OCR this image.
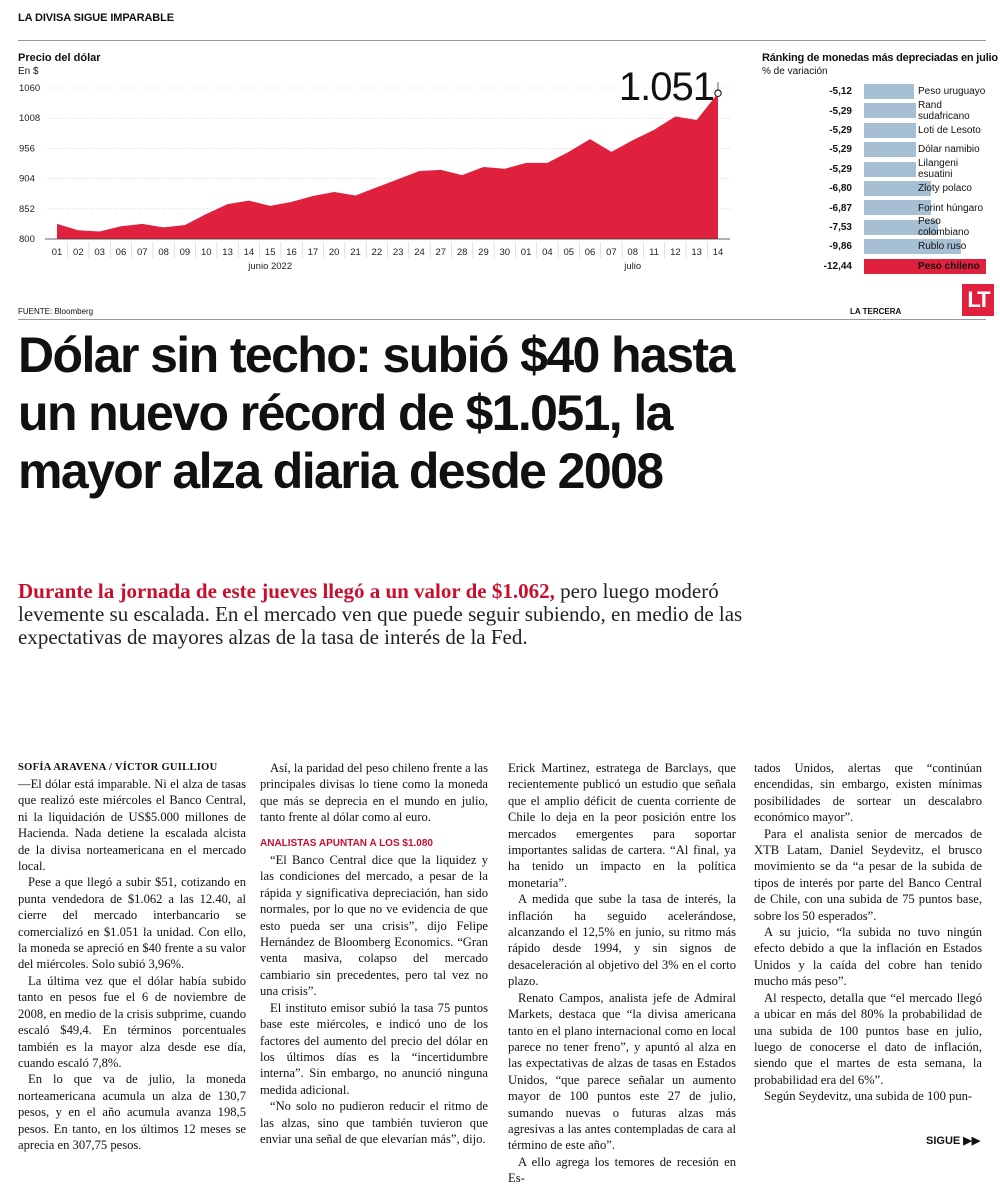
LA DIVISA SIGUE IMPARABLE
Precio del dólar
En $
1060
1008
956
904
852
800
01 02 03 06 07 08 09 10 13 14 15 16 17 20 21 22 23 24 27 28 29 30 01 04 05 06 07 08 11 12 13 14
junio 2022	julio
1.051
Ránking de monedas más depreciadas en julio
% de variación
-5,12	Peso uruguayo
-5,29	Rand sudafricano
-5,29	Loti de Lesoto
-5,29	Dólar namibio
-5,29	Lilangeni esuatini
-6,80	Zloty polaco
-6,87	Forint húngaro
-7,53	Peso colombiano
-9,86	Rublo ruso
-12,44	Peso chileno
FUENTE: Bloomberg	LA TERCERA	LT
Dólar sin techo: subió $40 hasta un nuevo récord de $1.051, la mayor alza diaria desde 2008
Durante la jornada de este jueves llegó a un valor de $1.062, pero luego moderó levemente su escalada. En el mercado ven que puede seguir subiendo, en medio de las expectativas de mayores alzas de la tasa de interés de la Fed.
SOFÍA ARAVENA / VÍCTOR GUILLIOU

—El dólar está imparable. Ni el alza de tasas que realizó este miércoles el Banco Central, ni la liquidación de US$5.000 millones de Hacienda. Nada detiene la escalada alcista de la divisa norteamericana en el mercado local.

Pese a que llegó a subir $51, cotizando en punta vendedora de $1.062 a las 12.40, al cierre del mercado interbancario se comercializó en $1.051 la unidad. Con ello, la moneda se apreció en $40 frente a su valor del miércoles. Solo subió 3,96%.

La última vez que el dólar había subido tanto en pesos fue el 6 de noviembre de 2008, en medio de la crisis subprime, cuando escaló $49,4. En términos porcentuales también es la mayor alza desde ese día, cuando escaló 7,8%.

En lo que va de julio, la moneda norteamericana acumula un alza de 130,7 pesos, y en el año acumula avanza 198,5 pesos. En tanto, en los últimos 12 meses se aprecia en 307,75 pesos.

Así, la paridad del peso chileno frente a las principales divisas lo tiene como la moneda que más se deprecia en el mundo en julio, tanto frente al dólar como al euro.

ANALISTAS APUNTAN A LOS $1.080

“El Banco Central dice que la liquidez y las condiciones del mercado, a pesar de la rápida y significativa depreciación, han sido normales, por lo que no ve evidencia de que esto pueda ser una crisis”, dijo Felipe Hernández de Bloomberg Economics. “Gran venta masiva, colapso del mercado cambiario sin precedentes, pero tal vez no una crisis”.

El instituto emisor subió la tasa 75 puntos base este miércoles, e indicó uno de los factores del aumento del precio del dólar en los últimos días es la “incertidumbre interna”. Sin embargo, no anunció ninguna medida adicional.

“No solo no pudieron reducir el ritmo de las alzas, sino que también tuvieron que enviar una señal de que elevarían más”, dijo.

Erick Martinez, estratega de Barclays, que recientemente publicó un estudio que señala que el amplio déficit de cuenta corriente de Chile lo deja en la peor posición entre los mercados emergentes para soportar importantes salidas de cartera. “Al final, ya ha tenido un impacto en la política monetaria”.

A medida que sube la tasa de interés, la inflación ha seguido acelerándose, alcanzando el 12,5% en junio, su ritmo más rápido desde 1994, y sin signos de desaceleración al objetivo del 3% en el corto plazo.

Renato Campos, analista jefe de Admiral Markets, destaca que “la divisa americana tanto en el plano internacional como en local parece no tener freno”, y apuntó al alza en las expectativas de alzas de tasas en Estados Unidos, “que parece señalar un aumento mayor de 100 puntos este 27 de julio, sumando nuevas o futuras alzas más agresivas a las antes contempladas de cara al término de este año”.

A ello agrega los temores de recesión en Es-

tados Unidos, alertas que “continúan encendidas, sin embargo, existen mínimas posibilidades de sortear un descalabro económico mayor”.

Para el analista senior de mercados de XTB Latam, Daniel Seydevitz, el brusco movimiento se da “a pesar de la subida de tipos de interés por parte del Banco Central de Chile, con una subida de 75 puntos base, sobre los 50 esperados”.

A su juicio, “la subida no tuvo ningún efecto debido a que la inflación en Estados Unidos y la caída del cobre han tenido mucho más peso”.

Al respecto, detalla que “el mercado llegó a ubicar en más del 80% la probabilidad de una subida de 100 puntos base en julio, luego de conocerse el dato de inflación, siendo que el martes de esta semana, la probabilidad era del 6%”.

Según Seydevitz, una subida de 100 pun-

SIGUE ▶▶
